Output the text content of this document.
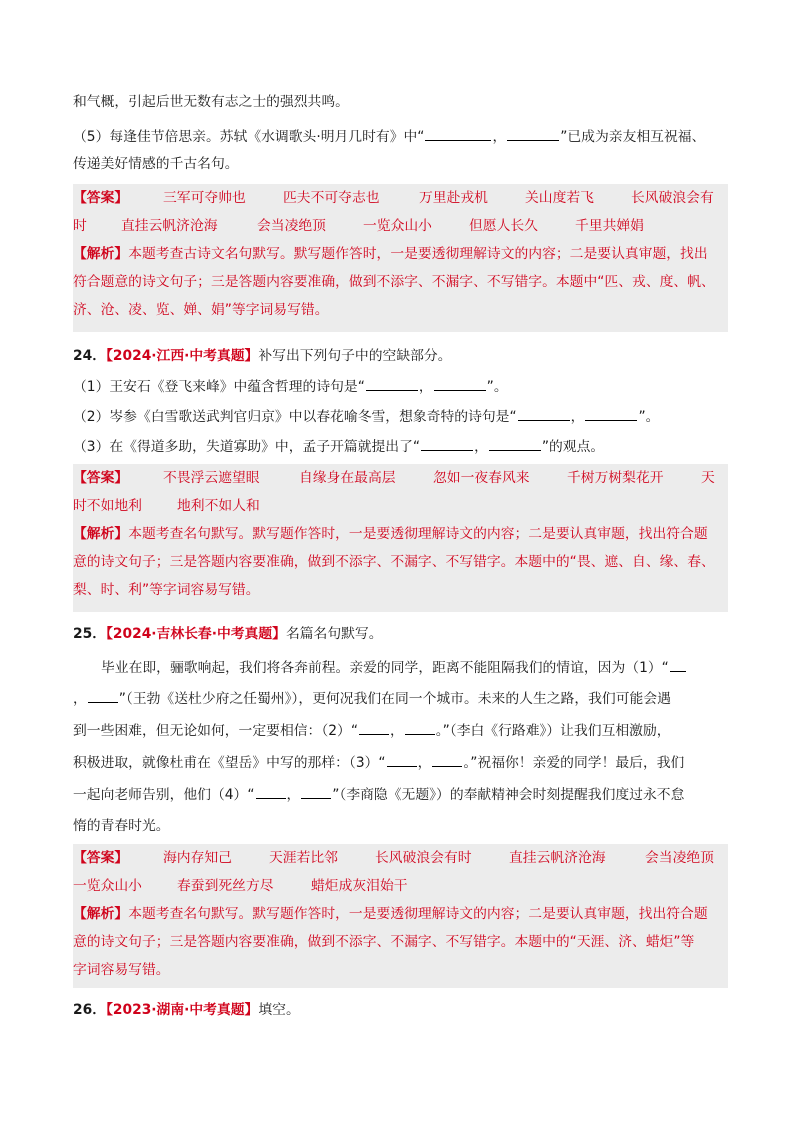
和气概，引起后世无数有志之士的强烈共鸣。
（5）每逢佳节倍思亲。苏轼《水调歌头·明月几时有》中“	，	”已成为亲友相互祝福、
传递美好情感的千古名句。
【答案】	三军可夺帅也	匹夫不可夺志也	万里赴戎机	关山度若飞	长风破浪会有
时 直挂云帆济沧海	会当凌绝顶	一览众山小	但愿人长久	千里共婵娟
【解析】本题考查古诗文名句默写。默写题作答时，一是要透彻理解诗文的内容；二是要认真审题，找出
符合题意的诗文句子；三是答题内容要准确，做到不添字、不漏字、不写错字。本题中“匹、戎、度、帆、
济、沧、凌、览、婵、娟”等字词易写错。
24．【2024·江西·中考真题】补写出下列句子中的空缺部分。
（1）王安石《登飞来峰》中蕴含哲理的诗句是“	，	”。
（2）岑参《白雪歌送武判官归京》中以春花喻冬雪，想象奇特的诗句是“	，	”。
（3）在《得道多助，失道寡助》中，孟子开篇就提出了“	，	”的观点。
【答案】	不畏浮云遮望眼	自缘身在最高层	忽如一夜春风来	千树万树梨花开	天
时不如地利	地利不如人和
【解析】本题考查名句默写。默写题作答时，一是要透彻理解诗文的内容；二是要认真审题，找出符合题
意的诗文句子；三是答题内容要准确，做到不添字、不漏字、不写错字。本题中的“畏、遮、自、缘、春、
梨、时、利”等字词容易写错。
25．【2024·吉林长春·中考真题】名篇名句默写。
毕业在即，骊歌响起，我们将各奔前程。亲爱的同学，距离不能阻隔我们的情谊，因为（1）“
， ”（王勃《送杜少府之任蜀州》），更何况我们在同一个城市。未来的人生之路，我们可能会遇
到一些困难，但无论如何，一定要相信：（2）“ ， 。”（李白《行路难》）让我们互相激励，
积极进取，就像杜甫在《望岳》中写的那样：（3）“ ， 。”祝福你！亲爱的同学！最后，我们
一起向老师告别，他们（4）“ ， ”（李商隐《无题》）的奉献精神会时刻提醒我们度过永不怠
惰的青春时光。
【答案】	海内存知己	天涯若比邻	长风破浪会有时	直挂云帆济沧海	会当凌绝顶
一览众山小	春蚕到死丝方尽	蜡炬成灰泪始干
【解析】本题考查名句默写。默写题作答时，一是要透彻理解诗文的内容；二是要认真审题，找出符合题
意的诗文句子；三是答题内容要准确，做到不添字、不漏字、不写错字。本题中的“天涯、济、蜡炬”等
字词容易写错。
26．【2023·湖南·中考真题】填空。
